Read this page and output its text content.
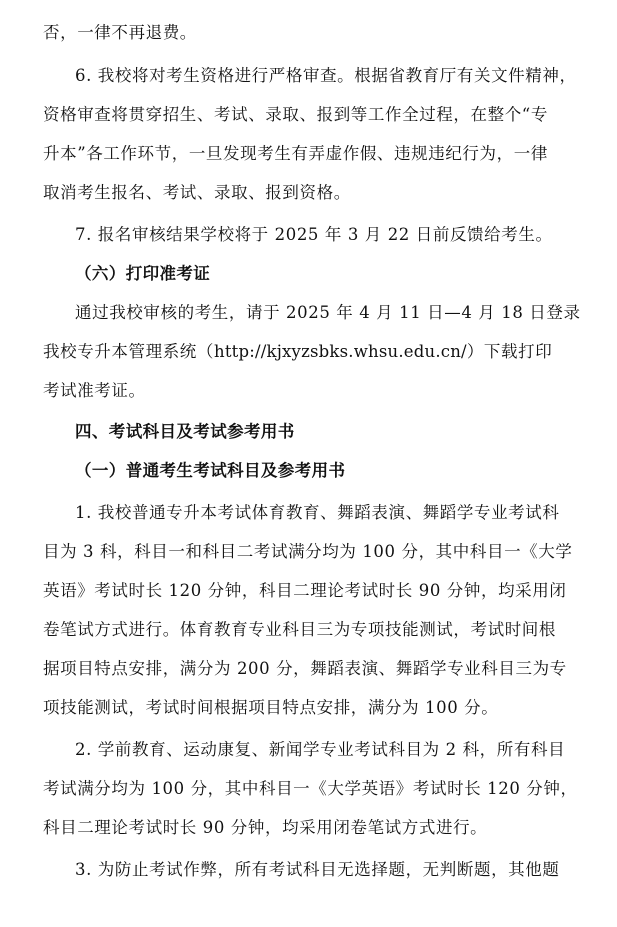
否，一律不再退费。
6. 我校将对考生资格进行严格审查。根据省教育厅有关文件精神，
资格审查将贯穿招生、考试、录取、报到等工作全过程，在整个“专
升本”各工作环节，一旦发现考生有弄虚作假、违规违纪行为，一律
取消考生报名、考试、录取、报到资格。
7. 报名审核结果学校将于 2025 年 3 月 22 日前反馈给考生。
（六）打印准考证
通过我校审核的考生，请于 2025 年 4 月 11 日—4 月 18 日登录
我校专升本管理系统（http://kjxyzsbks.whsu.edu.cn/）下载打印
考试准考证。
四、考试科目及考试参考用书
（一）普通考生考试科目及参考用书
1. 我校普通专升本考试体育教育、舞蹈表演、舞蹈学专业考试科
目为 3 科，科目一和科目二考试满分均为 100 分，其中科目一《大学
英语》考试时长 120 分钟，科目二理论考试时长 90 分钟，均采用闭
卷笔试方式进行。体育教育专业科目三为专项技能测试，考试时间根
据项目特点安排，满分为 200 分，舞蹈表演、舞蹈学专业科目三为专
项技能测试，考试时间根据项目特点安排，满分为 100 分。
2. 学前教育、运动康复、新闻学专业考试科目为 2 科，所有科目
考试满分均为 100 分，其中科目一《大学英语》考试时长 120 分钟，
科目二理论考试时长 90 分钟，均采用闭卷笔试方式进行。
3. 为防止考试作弊，所有考试科目无选择题，无判断题，其他题
